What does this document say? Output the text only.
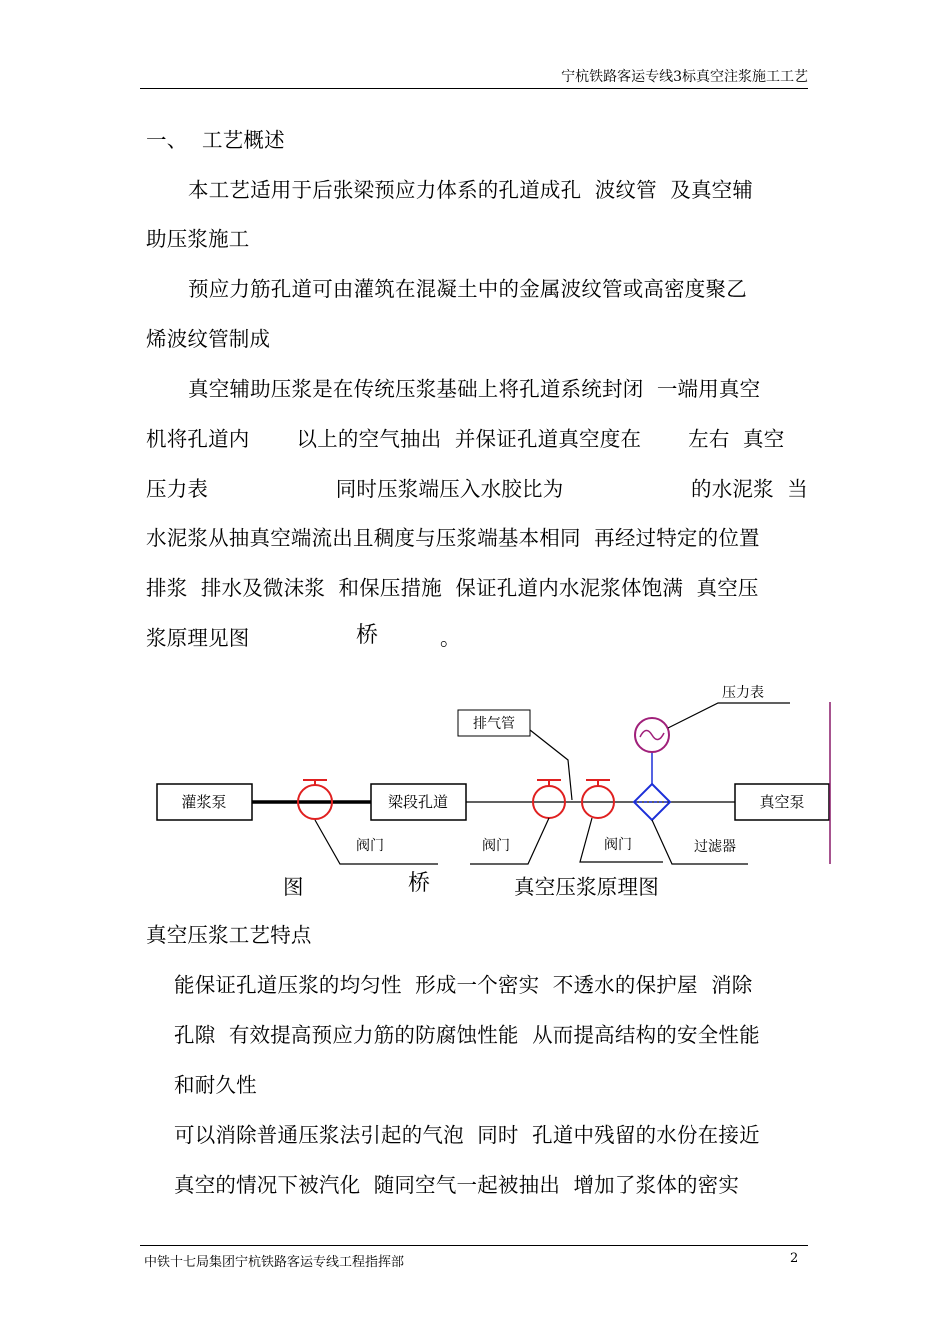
宁杭铁路客运专线3标真空注浆施工工艺
一、 工艺概述
本工艺适用于后张梁预应力体系的孔道成孔  波纹管  及真空辅
助压浆施工
预应力筋孔道可由灌筑在混凝土中的金属波纹管或高密度聚乙
烯波纹管制成
真空辅助压浆是在传统压浆基础上将孔道系统封闭  一端用真空
机将孔道内       以上的空气抽出  并保证孔道真空度在       左右  真空
压力表                   同时压浆端压入水胶比为                   的水泥浆  当
水泥浆从抽真空端流出且稠度与压浆端基本相同  再经过特定的位置
排浆  排水及微沫浆  和保压措施  保证孔道内水泥浆体饱满  真空压
浆原理见图	桥	。
灌浆泵	梁段孔道	真空泵
排气管
压力表
阀门	阀门	阀门	过滤器
图	桥	真空压浆原理图
真空压浆工艺特点
能保证孔道压浆的均匀性  形成一个密实  不透水的保护屋  消除
孔隙  有效提高预应力筋的防腐蚀性能  从而提高结构的安全性能
和耐久性
可以消除普通压浆法引起的气泡  同时  孔道中残留的水份在接近
真空的情况下被汽化  随同空气一起被抽出  增加了浆体的密实
中铁十七局集团宁杭铁路客运专线工程指挥部	2
